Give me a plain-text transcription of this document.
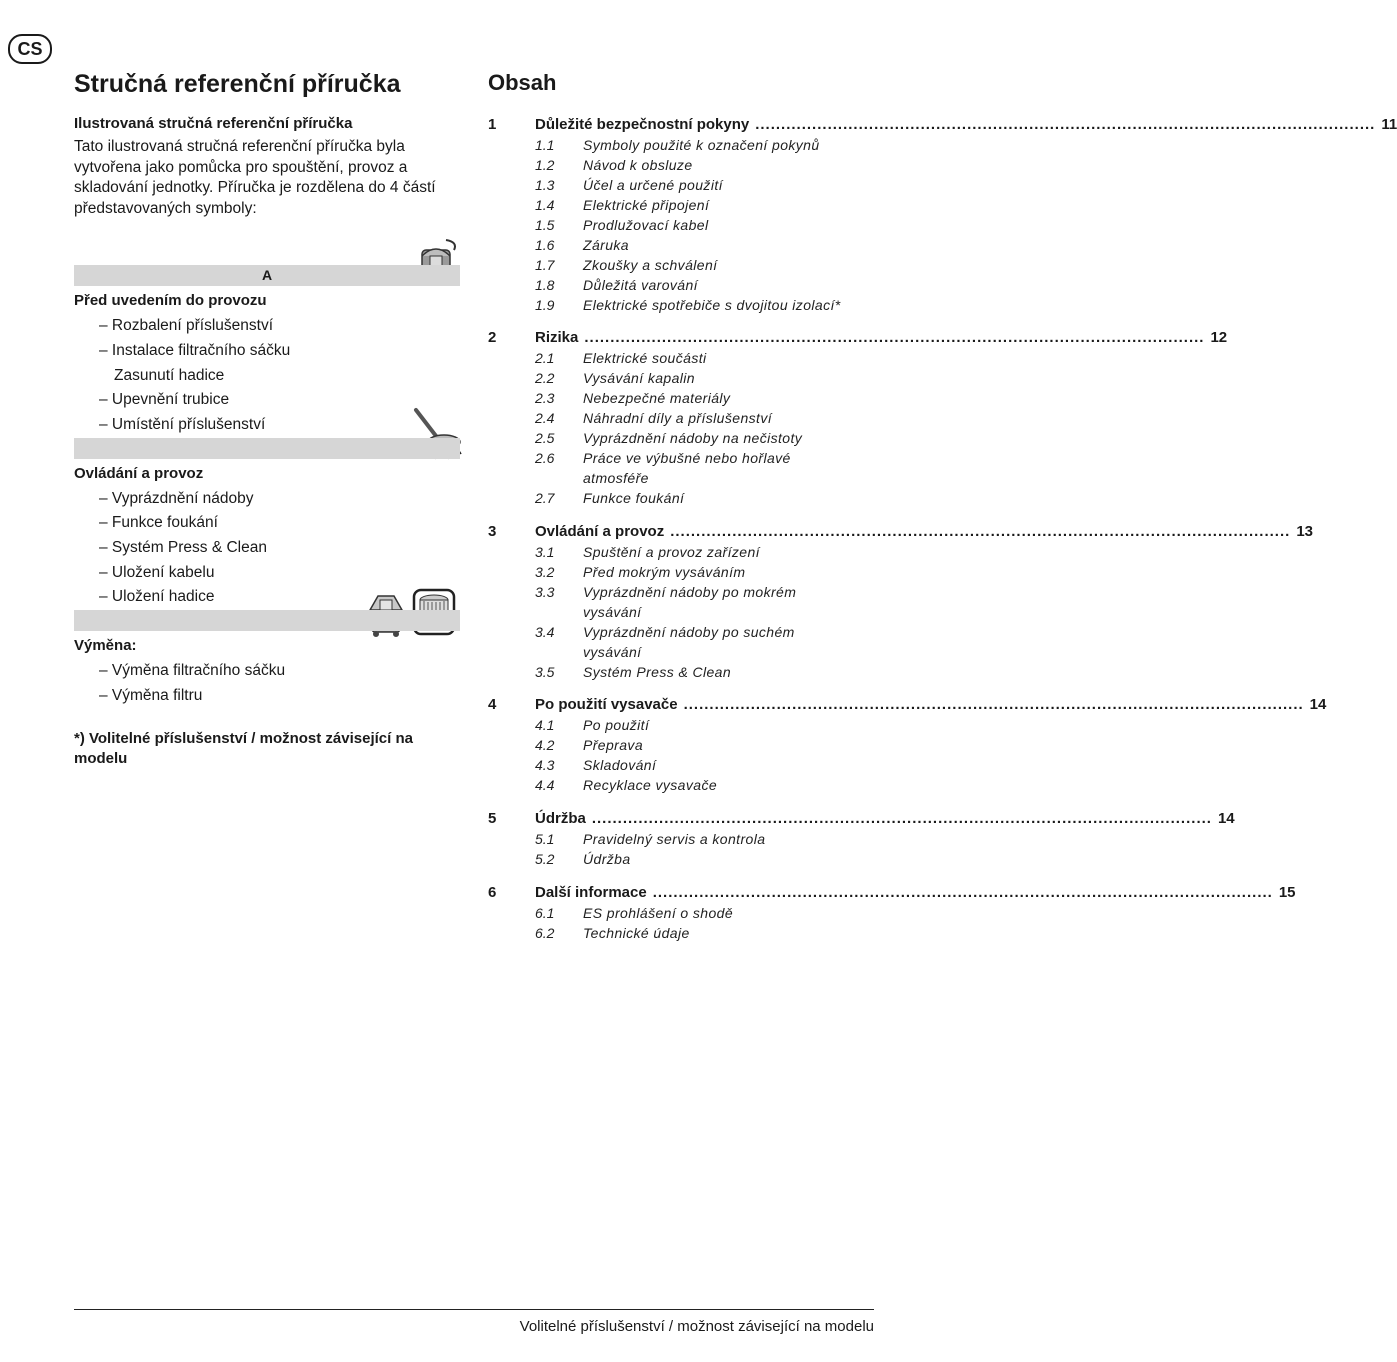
CS
Stručná referenční příručka
Ilustrovaná stručná referenční příručka
Tato ilustrovaná stručná referenční příručka byla vytvořena jako pomůcka pro spouštění, provoz a skladování jednotky. Příručka je rozdělena do 4 částí představovaných symboly:
A
Před uvedením do provozu
– Rozbalení příslušenství
– Instalace filtračního sáčku
Zasunutí hadice
– Upevnění trubice
– Umístění příslušenství
Ovládání a provoz
– Vyprázdnění nádoby
– Funkce foukání
– Systém Press & Clean
– Uložení kabelu
– Uložení hadice
Výměna:
– Výměna filtračního sáčku
– Výměna filtru
*) Volitelné příslušenství / možnost závisející na modelu
Obsah
1	Důležité bezpečnostní pokyny ........................................................................................................................ 11
1.1 Symboly použité k označení pokynů
1.2 Návod k obsluze
1.3 Účel a určené použití
1.4 Elektrické připojení
1.5 Prodlužovací kabel
1.6 Záruka
1.7 Zkoušky a schválení
1.8 Důležitá varování
1.9 Elektrické spotřebiče s dvojitou izolací*
2	Rizika ........................................................................................................................ 12
2.1 Elektrické součásti
2.2 Vysávání kapalin
2.3 Nebezpečné materiály
2.4 Náhradní díly a příslušenství
2.5 Vyprázdnění nádoby na nečistoty
2.6 Práce ve výbušné nebo hořlavé
atmosféře
2.7 Funkce foukání
3	Ovládání a provoz ........................................................................................................................ 13
3.1 Spuštění a provoz zařízení
3.2 Před mokrým vysáváním
3.3 Vyprázdnění nádoby po mokrém
vysávání
3.4 Vyprázdnění nádoby po suchém
vysávání
3.5 Systém Press & Clean
4	Po použití vysavače ........................................................................................................................ 14
4.1 Po použití
4.2 Přeprava
4.3 Skladování
4.4 Recyklace vysavače
5	Údržba ........................................................................................................................ 14
5.1 Pravidelný servis a kontrola
5.2 Údržba
6	Další informace ........................................................................................................................ 15
6.1 ES prohlášení o shodě
6.2 Technické údaje
Volitelné příslušenství / možnost závisející na modelu
